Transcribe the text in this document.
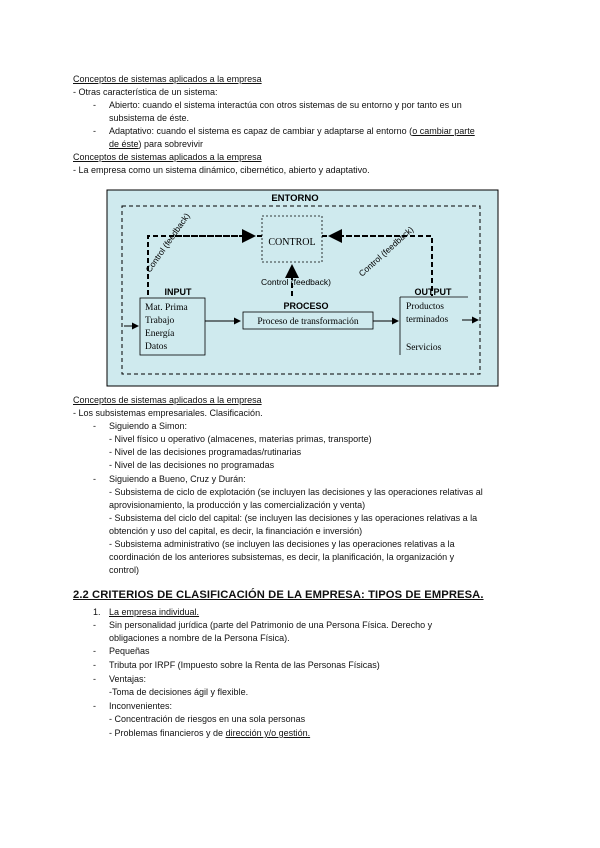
Conceptos de sistemas aplicados a la empresa
- Otras característica de un sistema:
- Abierto: cuando el sistema interactúa con otros sistemas de su entorno y por tanto es un
subsistema de éste.
- Adaptativo: cuando el sistema es capaz de cambiar y adaptarse al entorno (o cambiar parte
de éste) para sobrevivir
Conceptos de sistemas aplicados a la empresa
- La empresa como un sistema dinámico, cibernético, abierto y adaptativo.
ENTORNO
CONTROL
Control (feedback)	Control (feedback)
Control (feedback)
INPUT
Mat. Prima
Trabajo
Energía
Datos
PROCESO
Proceso de transformación
OUTPUT
Productos
terminados
Servicios
Conceptos de sistemas aplicados a la empresa
- Los subsistemas empresariales. Clasificación.
- Siguiendo a Simon:
- Nivel físico u operativo (almacenes, materias primas, transporte)
- Nivel de las decisiones programadas/rutinarias
- Nivel de las decisiones no programadas
- Siguiendo a Bueno, Cruz y Durán:
- Subsistema de ciclo de explotación (se incluyen las decisiones y las operaciones relativas al
aprovisionamiento, la producción y las comercialización y venta)
- Subsistema del ciclo del capital: (se incluyen las decisiones y las operaciones relativas a la
obtención y uso del capital, es decir, la financiación e inversión)
- Subsistema administrativo (se incluyen las decisiones y las operaciones relativas a la
coordinación de los anteriores subsistemas, es decir, la planificación, la organización y
control)
2.2 CRITERIOS DE CLASIFICACIÓN DE LA EMPRESA: TIPOS DE EMPRESA.
1. La empresa individual.
- Sin personalidad jurídica (parte del Patrimonio de una Persona Física. Derecho y
obligaciones a nombre de la Persona Física).
- Pequeñas
- Tributa por IRPF (Impuesto sobre la Renta de las Personas Físicas)
- Ventajas:
-Toma de decisiones ágil y flexible.
- Inconvenientes:
- Concentración de riesgos en una sola personas
- Problemas financieros y de dirección y/o gestión.
